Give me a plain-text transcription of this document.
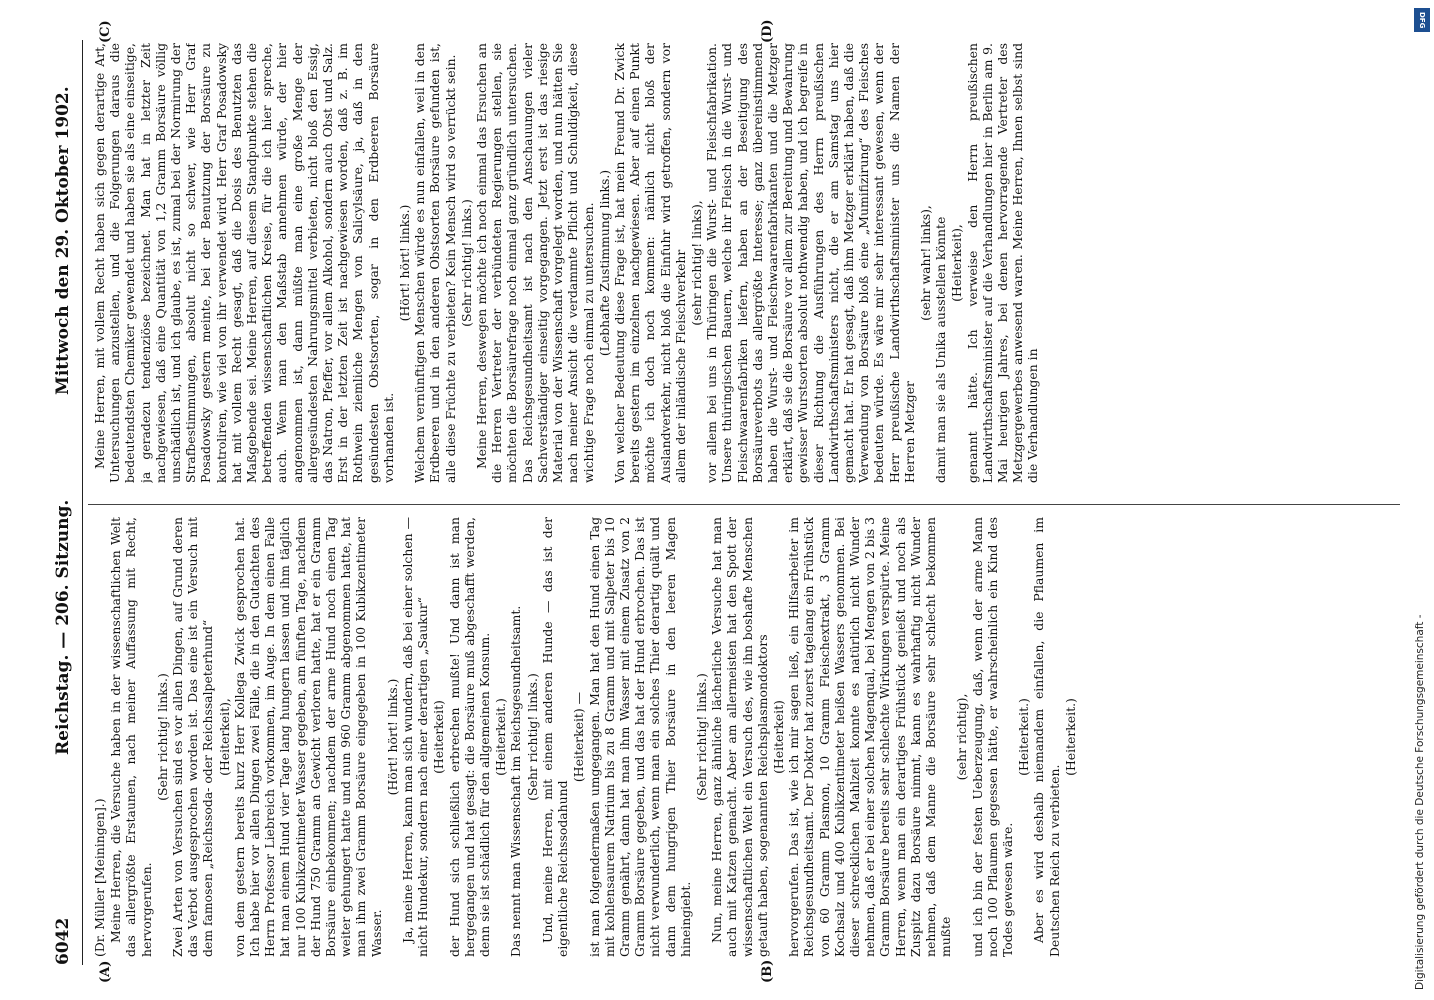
6042
Reichstag. — 206. Sitzung.
Mittwoch den 29. Oktober 1902.
(A)	(B)
(C)	(D)

(Dr. Müller [Meiningen].) Meine Herren, die Versuche haben in der wissenschaftlichen Welt das allergrößte Erstaunen, nach meiner Auffassung mit Recht, hervorgerufen.

(Sehr richtig! links.) Zwei Arten von Versuchen sind es vor allen Dingen, auf Grund deren das Verbot ausgesprochen worden ist. Das eine ist ein Versuch mit dem famosen „Reichssoda- oder Reichssalpeterhund“ (Heiterkeit), von dem gestern bereits kurz Herr Kollega Zwick gesprochen hat. Ich habe hier vor allen Dingen zwei Fälle, die in den Gutachten des Herrn Professor Liebreich vorkommen, im Auge. In dem einen Falle hat man einem Hund vier Tage lang hungern lassen und ihm täglich nur 100 Kubikzentimeter Wasser gegeben, am fünften Tage, nachdem der Hund 750 Gramm an Gewicht verloren hatte, hat er ein Gramm Borsäure einbekommen; nachdem der arme Hund noch einen Tag weiter gehungert hatte und nun 960 Gramm abgenommen hatte, hat man ihm zwei Gramm Borsäure eingegeben in 100 Kubikzentimeter Wasser.

(Hört! hört! links.) Ja, meine Herren, kann man sich wundern, daß bei einer solchen — nicht Hundekur, sondern nach einer derartigen „Saukur“ (Heiterkeit) der Hund sich schließlich erbrechen mußte! Und dann ist man hergegangen und hat gesagt: die Borsäure muß abgeschafft werden, denn sie ist schädlich für den allgemeinen Konsum. (Heiterkeit.) Das nennt man Wissenschaft im Reichsgesundheitsamt. (Sehr richtig! links.) Und, meine Herren, mit einem anderen Hunde — das ist der eigentliche Reichssodahund

(Heiterkeit) — ist man folgendermaßen umgegangen. Man hat den Hund einen Tag mit kohlensaurem Natrium bis zu 8 Gramm und mit Salpeter bis 10 Gramm genährt, dann hat man ihm Wasser mit einem Zusatz von 2 Gramm Borsäure gegeben, und das hat der Hund erbrochen. Das ist nicht verwunderlich, wenn man ein solches Thier derartig quält und dann dem hungrigen Thier Borsäure in den leeren Magen hineingiebt.

(Sehr richtig! links.) Nun, meine Herren, ganz ähnliche lächerliche Versuche hat man auch mit Katzen gemacht. Aber am allermeisten hat den Spott der wissenschaftlichen Welt ein Versuch des, wie ihn boshafte Menschen getauft haben, sogenannten Reichsplasmondoktors (Heiterkeit) hervorgerufen. Das ist, wie ich mir sagen ließ, ein Hilfsarbeiter im Reichsgesundheitsamt. Der Doktor hat zuerst tagelang ein Frühstück von 60 Gramm Plasmon, 10 Gramm Fleischextrakt, 3 Gramm Kochsalz und 400 Kubikzentimeter heißen Wassers genommen. Bei dieser schrecklichen Mahlzeit konnte es natürlich nicht Wunder nehmen, daß er bei einer solchen Magenqual, bei Mengen von 2 bis 3 Gramm Borsäure bereits sehr schlechte Wirkungen verspürte. Meine Herren, wenn man ein derartiges Frühstück genießt und noch als Zuspitz dazu Borsäure nimmt, kann es wahrhaftig nicht Wunder nehmen, daß dem Manne die Borsäure sehr schlecht bekommen mußte

(sehr richtig), und ich bin der festen Ueberzeugung, daß, wenn der arme Mann noch 100 Pflaumen gegessen hätte, er wahrscheinlich ein Kind des Todes gewesen wäre.

(Heiterkeit.) Aber es wird deshalb niemandem einfallen, die Pflaumen im Deutschen Reich zu verbieten.

(Heiterkeit.)

Meine Herren, mit vollem Recht haben sich gegen derartige Art, Untersuchungen anzustellen, und die Folgerungen daraus die bedeutendsten Chemiker gewendet und haben sie als eine einseitige, ja geradezu tendenziöse bezeichnet. Man hat in letzter Zeit nachgewiesen, daß eine Quantität von 1,2 Gramm Borsäure völlig unschädlich ist, und ich glaube, es ist, zumal bei der Normirung der Strafbestimmungen, absolut nicht so schwer, wie Herr Graf Posadowsky gestern meinte, bei der Benutzung der Borsäure zu kontroliren, wie viel von ihr verwendet wird. Herr Graf Posadowsky hat mit vollem Recht gesagt, daß die Dosis des Benutzten das Maßgebende sei. Meine Herren, auf diesem Standpunkte stehen die betreffenden wissenschaftlichen Kreise, für die ich hier spreche, auch. Wenn man den Maßstab annehmen würde, der hier angenommen ist, dann müßte man eine große Menge der allergesündesten Nahrungsmittel verbieten, nicht bloß den Essig, das Natron, Pfeffer, vor allem Alkohol, sondern auch Obst und Salz. Erst in der letzten Zeit ist nachgewiesen worden, daß z. B. im Rothwein ziemliche Mengen von Salicylsäure, ja, daß in den gesündesten Obstsorten, sogar in den Erdbeeren Borsäure vorhanden ist.

(Hört! hört! links.) Welchem vernünftigen Menschen würde es nun einfallen, weil in den Erdbeeren und in den anderen Obstsorten Borsäure gefunden ist, alle diese Früchte zu verbieten? Kein Mensch wird so verrückt sein. (Sehr richtig! links.) Meine Herren, deswegen möchte ich noch einmal das Ersuchen an die Herren Vertreter der verbündeten Regierungen stellen, sie möchten die Borsäurefrage noch einmal ganz gründlich untersuchen. Das Reichsgesundheitsamt ist nach den Anschauungen vieler Sachverständiger einseitig vorgegangen. Jetzt erst ist das riesige Material von der Wissenschaft vorgelegt worden, und nun hätten Sie nach meiner Ansicht die verdammte Pflicht und Schuldigkeit, diese wichtige Frage noch einmal zu untersuchen. (Lebhafte Zustimmung links.) Von welcher Bedeutung diese Frage ist, hat mein Freund Dr. Zwick bereits gestern im einzelnen nachgewiesen. Aber auf einen Punkt möchte ich doch noch kommen: nämlich nicht bloß der Auslandverkehr, nicht bloß die Einfuhr wird getroffen, sondern vor allem der inländische Fleischverkehr (sehr richtig! links), vor allem bei uns in Thüringen die Wurst- und Fleischfabrikation. Unsere thüringischen Bauern, welche ihr Fleisch in die Wurst- und Fleischwaarenfabriken liefern, haben an der Beseitigung des Borsäureverbots das allergrößte Interesse; ganz übereinstimmend haben die Wurst- und Fleischwaarenfabrikanten und die Metzger erklärt, daß sie die Borsäure vor allem zur Bereitung und Bewahrung gewisser Wurstsorten absolut nothwendig haben, und ich begreife in dieser Richtung die Ausführungen des Herrn preußischen Landwirthschaftsministers nicht, die er am Samstag uns hier gemacht hat. Er hat gesagt, daß ihm Metzger erklärt haben, daß die Verwendung von Borsäure bloß eine „Mumifizirung“ des Fleisches bedeuten würde. Es wäre mir sehr interessant gewesen, wenn der Herr preußische Landwirthschaftsminister uns die Namen der Herren Metzger

(sehr wahr! links), damit man sie als Unika ausstellen könnte (Heiterkeit), genannt hätte. Ich verweise den Herrn preußischen Landwirthschaftsminister auf die Verhandlungen hier in Berlin am 9. Mai heurigen Jahres, bei denen hervorragende Vertreter des Metzgergewerbes anwesend waren. Meine Herren, Ihnen selbst sind die Verhandlungen in

DFG
Digitalisierung gefördert durch die Deutsche Forschungsgemeinschaft -
